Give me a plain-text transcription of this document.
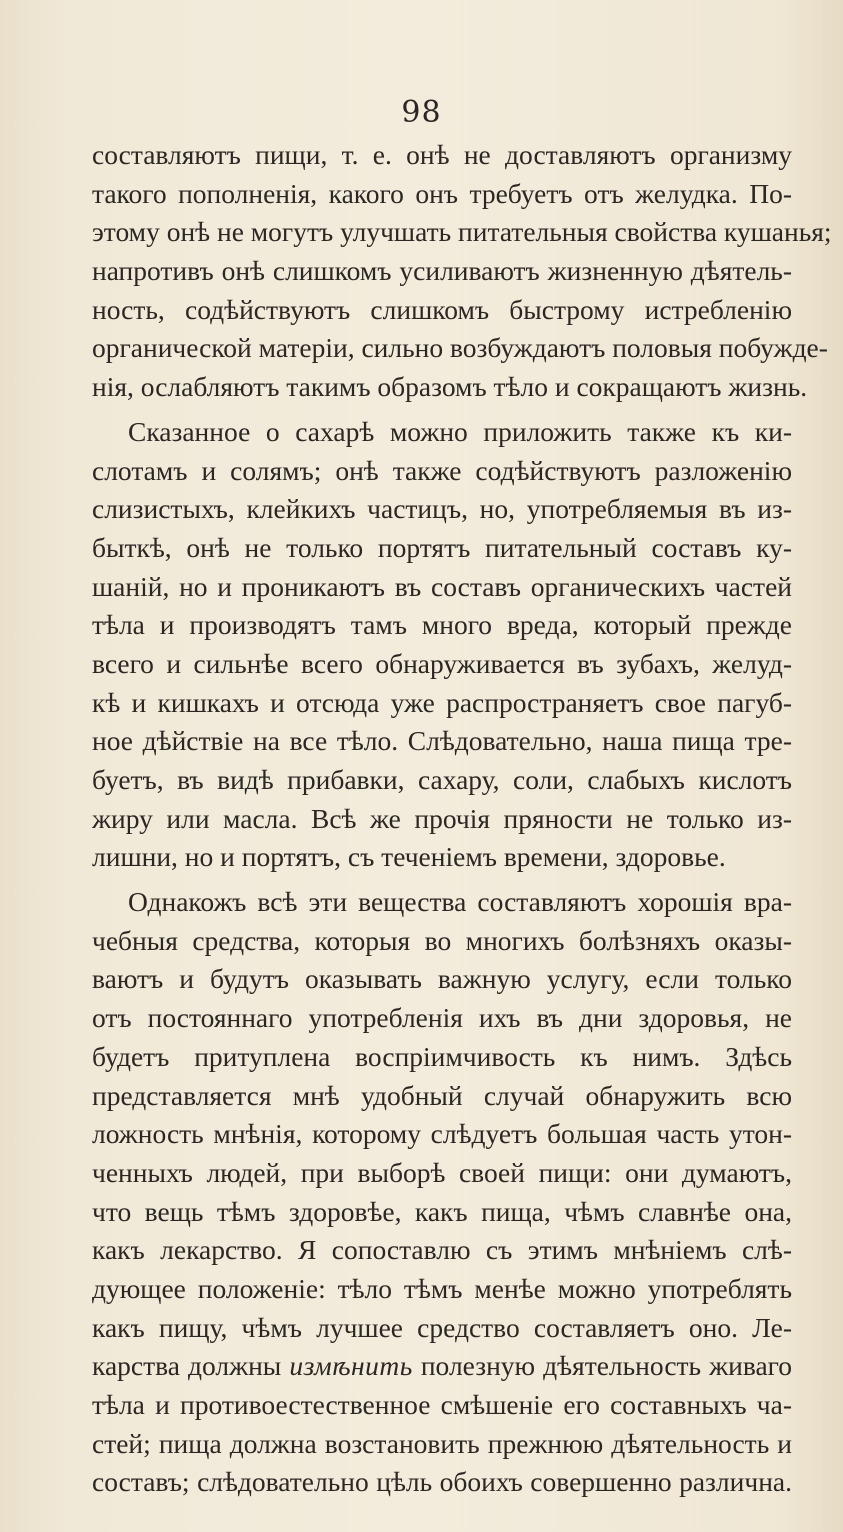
98
составляютъ пищи, т. е. онѣ не доставляютъ организму
такого пополненія, какого онъ требуетъ отъ желудка. По-
этому онѣ не могутъ улучшать питательныя свойства кушанья;
напротивъ онѣ слишкомъ усиливаютъ жизненную дѣятель-
ность, содѣйствуютъ слишкомъ быстрому истребленію
органической матеріи, сильно возбуждаютъ половыя побужде-
нія, ослабляютъ такимъ образомъ тѣло и сокращаютъ жизнь.
Сказанное о сахарѣ можно приложить также къ ки-
слотамъ и солямъ; онѣ также содѣйствуютъ разложенію
слизистыхъ, клейкихъ частицъ, но, употребляемыя въ из-
быткѣ, онѣ не только портятъ питательный составъ ку-
шаній, но и проникаютъ въ составъ органическихъ частей
тѣла и производятъ тамъ много вреда, который прежде
всего и сильнѣе всего обнаруживается въ зубахъ, желуд-
кѣ и кишкахъ и отсюда уже распространяетъ свое пагуб-
ное дѣйствіе на все тѣло. Слѣдовательно, наша пища тре-
буетъ, въ видѣ прибавки, сахару, соли, слабыхъ кислотъ
жиру или масла. Всѣ же прочія пряности не только из-
лишни, но и портятъ, съ теченіемъ времени, здоровье.
Однакожъ всѣ эти вещества составляютъ хорошія вра-
чебныя средства, которыя во многихъ болѣзняхъ оказы-
ваютъ и будутъ оказывать важную услугу, если только
отъ постояннаго употребленія ихъ въ дни здоровья, не
будетъ притуплена воспріимчивость къ нимъ. Здѣсь
представляется мнѣ удобный случай обнаружить всю
ложность мнѣнія, которому слѣдуетъ большая часть утон-
ченныхъ людей, при выборѣ своей пищи: они думаютъ,
что вещь тѣмъ здоровѣе, какъ пища, чѣмъ славнѣе она,
какъ лекарство. Я сопоставлю съ этимъ мнѣніемъ слѣ-
дующее положеніе: тѣло тѣмъ менѣе можно употреблять
какъ пищу, чѣмъ лучшее средство составляетъ оно. Ле-
карства должны измѣнить полезную дѣятельность живаго
тѣла и противоестественное смѣшеніе его составныхъ ча-
стей; пища должна возстановить прежнюю дѣятельность и
составъ; слѣдовательно цѣль обоихъ совершенно различна.
